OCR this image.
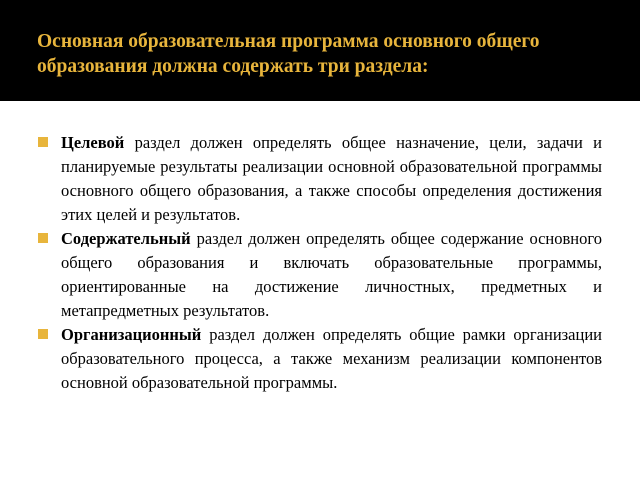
Основная образовательная программа основного общего образования должна содержать три раздела:
Целевой раздел должен определять общее назначение, цели, задачи и планируемые результаты реализации основной образовательной программы основного общего образования, а также способы определения достижения этих целей и результатов.
Содержательный раздел должен определять общее содержание основного общего образования и включать образовательные программы, ориентированные на достижение личностных, предметных и метапредметных результатов.
Организационный раздел должен определять общие рамки организации образовательного процесса, а также механизм реализации компонентов основной образовательной программы.
